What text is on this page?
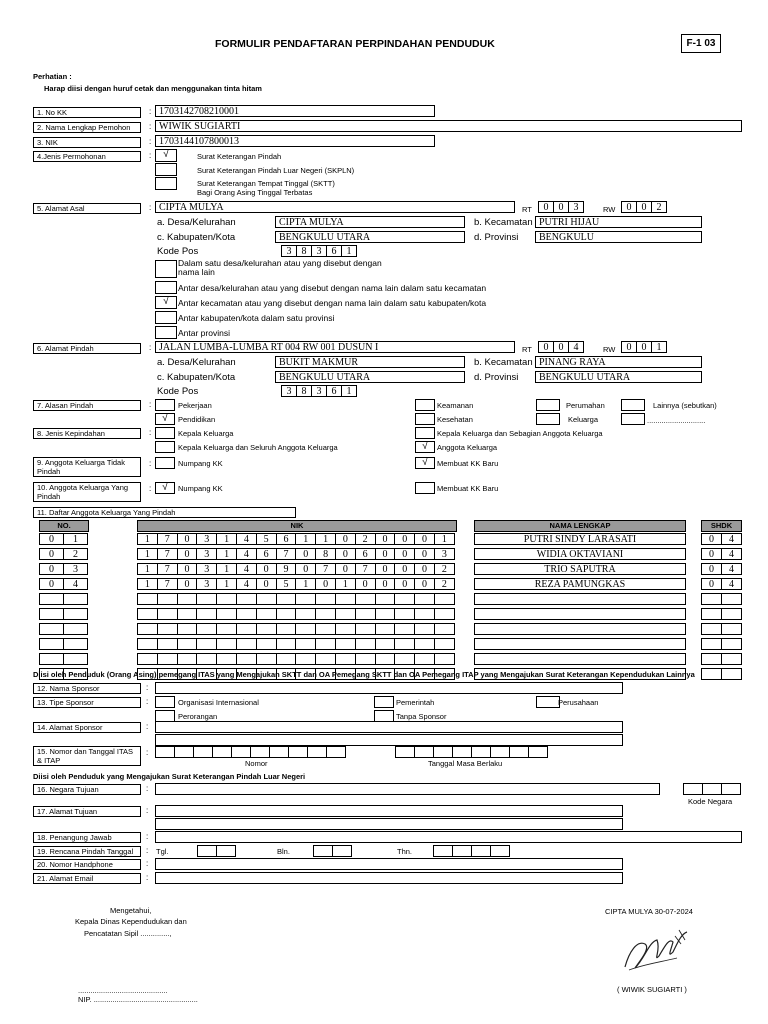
FORMULIR PENDAFTARAN PERPINDAHAN PENDUDUK	F-1 03
Perhatian :
Harap diisi dengan huruf cetak dan menggunakan tinta hitam
1. No KK	: 1703142708210001
2. Nama Lengkap Pemohon	: WIWIK SUGIARTI
3. NIK	: 1703144107800013
4.Jenis Permohonan	:	√	Surat Keterangan Pindah
Surat Keterangan Pindah Luar Negeri (SKPLN)
Surat Keterangan Tempat Tinggal (SKTT)
Bagi Orang Asing Tinggal Terbatas
5. Alamat Asal	: CIPTA MULYA	RT	0	0	3	RW	0	0	2
a. Desa/Kelurahan	CIPTA MULYA	b. Kecamatan PUTRI HIJAU
c. Kabupaten/Kota	BENGKULU UTARA	d. Provinsi	BENGKULU
Kode Pos	3	8	3	6	1
Dalam satu desa/kelurahan atau yang disebut dengan nama lain
Antar desa/kelurahan atau yang disebut dengan nama lain dalam satu kecamatan
√	Antar kecamatan atau yang disebut dengan nama lain dalam satu kabupaten/kota
Antar kabupaten/kota dalam satu provinsi
Antar provinsi
6. Alamat Pindah	: JALAN LUMBA-LUMBA RT 004 RW 001 DUSUN I	RT	0	0	4	RW	0	0	1
a. Desa/Kelurahan	BUKIT MAKMUR	b. Kecamatan PINANG RAYA
c. Kabupaten/Kota	BENGKULU UTARA	d. Provinsi	BENGKULU UTARA
Kode Pos	3	8	3	6	1
7. Alasan Pindah	:	Pekerjaan
√	Pendidikan
Keamanan
Kesehatan
Perumahan
Keluarga
Lainnya (sebutkan)
............................
8. Jenis Kepindahan	:	Kepala Keluarga
Kepala Keluarga dan Seluruh Anggota Keluarga
Kepala Keluarga dan Sebagian Anggota Keluarga
√	Anggota Keluarga
9. Anggota Keluarga Tidak Pindah
:	Numpang KK	√	Membuat KK Baru
10. Anggota Keluarga Yang Pindah
:	√	Numpang KK	Membuat KK Baru
11. Daftar Anggota Keluarga Yang Pindah
NO.	NIK	NAMA LENGKAP	SHDK
0	1	1	7	0	3	1	4	5	6	1	1	0	2	0	0	0	1	PUTRI SINDY LARASATI	0	4
0	2	1	7	0	3	1	4	6	7	0	8	0	6	0	0	0	3	WIDIA OKTAVIANI	0	4
0	3	1	7	0	3	1	4	0	9	0	7	0	7	0	0	0	2	TRIO SAPUTRA	0	4
0	4	1	7	0	3	1	4	0	5	1	0	1	0	0	0	0	2	REZA PAMUNGKAS	0	4
Diisi oleh Penduduk (Orang Asing) pemegang ITAS yang Mengajukan SKTT dan OA Pemegang SKTT dan OA Pemegang ITAP yang Mengajukan Surat Keterangan Kependudukan Lainnya
12. Nama Sponsor	:
13. Tipe Sponsor	:	Organisasi Internasional
Perorangan
Pemerintah
Tanpa Sponsor
Perusahaan
14. Alamat Sponsor	:
15. Nomor dan Tanggal ITAS & ITAP
:
Nomor	Tanggal Masa Berlaku
Diisi oleh Penduduk yang Mengajukan Surat Keterangan Pindah Luar Negeri
16. Negara Tujuan	:
Kode Negara
17. Alamat Tujuan	:
18. Penangung Jawab	:
19. Rencana Pindah Tanggal	: Tgl.	Bln.	Thn.
20. Nomor Handphone	:
21. Alamat Email	:
Mengetahui,
Kepala Dinas Kependudukan dan
Pencatatan Sipil ..............,
...........................................
NIP. ..................................................
CIPTA MULYA 30-07-2024
( WIWIK SUGIARTI )
